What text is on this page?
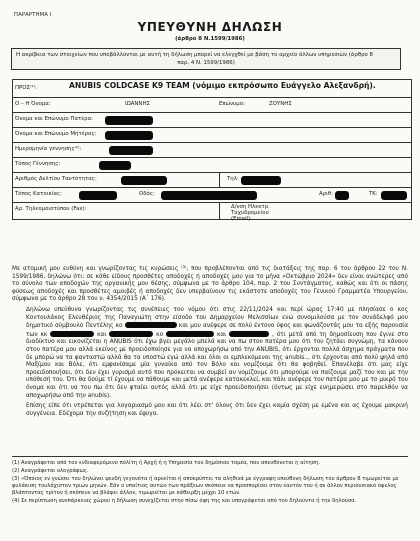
ΠΑΡΑΡΤΗΜΑ Ι
ΥΠΕΥΘΥΝΗ ΔΗΛΩΣΗ
(άρθρο 8 Ν.1599/1986)
Η ακρίβεια των στοιχείων που υποβάλλονται με αυτή τη δήλωση μπορεί να ελεγχθεί με βάση το αρχείο άλλων υπηρεσιών (άρθρο 8
παρ. 4 Ν. 1599/1986)
ΠΡΟΣ⁽¹⁾:	ANUBIS COLDCASE K9 TEAM (νόμιμο εκπρόσωπο Ευάγγελο Αλεξανδρή).
Ο – Η Όνομα:	ΙΩΑΝΝΗΣ	Επώνυμο:	ΖΟΥΝΗΣ
Όνομα και Επώνυμο Πατέρα:
Όνομα και Επώνυμο Μητέρας:
Ημερομηνία γέννησης⁽²⁾:
Τόπος Γέννησης:
Αριθμός Δελτίου Ταυτότητας:	Τηλ:
Τόπος Κατοικίας:	Οδός:	Αριθ:	ΤΚ:
Αρ. Τηλεομοιοτύπου (Fax):	Δ/νση Ηλεκτρ. Ταχυδρομείου (Email):

Με ατομική μου ευθύνη και γνωρίζοντας τις κυρώσεις ⁽³⁾, που προβλέπονται από τις διατάξεις της παρ. 6 του άρθρου 22 του Ν. 1599/1986, δηλώνω ότι: σε κάθε είδους προσθέτες αποδοχές ή αποδοχές μου για το μήνα «Οκτώβριο 2024» δεν είναι ανώτερες από το σύνολο των αποδοχών της οργανικής μου θέσης, σύμφωνα με το άρθρο 104, παρ. 2 του Συντάγματος, καθώς και ότι οι πάσης φύσεως αποδοχές και προσθέτες αμοιβές ή αποδοχές δεν υπερβαίνουν τις εκάστοτε αποδοχές του Γενικού Γραμματέα Υπουργείου, σύμφωνα με το άρθρο 28 του ν. 4354/2015 (Α΄ 176).

Δηλώνω υπεύθυνα γνωρίζοντας τις συνέπειες του νόμου ότι στις 22/11/2024 και περί ώρας 17:40 με πλησίασε ο κος Κοντουλάκος Ελευθέριος της Παναγιώτη στην είσοδο του Δημαρχείου Μελισσίων ενώ συνομιλούσα με τον συνάδελφό μου δημοτικό σύμβουλο Πεντέλης κο	και μου ανέφερε σε πολύ έντονο ύφος και φωνάζοντάς μου τα εξής παρουσία των κκ	και	κο	και	, ότι μετά από τη δημοσίευση που έγινε στο διαδίκτυο και εικονίζεται η ANUBIS ότι έχω βγει μεγάλο μπελά και να πω στον πατέρα μου ότι του ζητάει συγνώμη, τα κάνουν στον πατέρα μου αλλά εκείνος με προειδοποίησε για να αποχωρήσω από την ANUBIS, ότι έρχονται πολλά άσχημα πράγματα που δε μπορώ να τα φανταστώ αλλά θα τα υποστώ εγώ αλλά και όλοι οι εμπλεκόμενοι της anubis.., ότι έρχονται από πολύ ψηλά από Μαξίμου και Βόλε, ότι εμφανίσαμε μία γυναίκα από τον Βόλο και νομίζουμε ότι θα φοβηθεί. Επανέλαβε ότι μας είχε προειδοποιήσει, ότι δεν έχει γυρισμό αυτό που πρόκειται να συμβεί αν νομίζουμε ότι μπορούμε να παίζουμε μαζί του και με την υπόθεσή του. Ότι θα δούμε τί έχουμε να πάθουμε και μετά ανέφερε κατακεκλεί, και πάλι ανέφερε τον πατέρα μου με το μικρό του όνομα και ότι να του πω ότι δεν φταίει αυτός αλλά ότι με είχε προειδοποιήσει (όντως με είχε ενημερώσει στο παρελθόν να αποχωρήσω από την anubis).

Επίσης είπε ότι ντρέπεται για λογαριασμό μου και ότι λέει στ' όλους ότι δεν έχει καμία σχέση με εμένα και ας έχουμε μακρινή συγγένεια. Εδέχομα την συζήτηση και έφυγα.

(1) Αναγράφεται από τον ενδιαφερόμενο πολίτη ή Αρχή ή η Υπηρεσία του δημόσιου τομέα, που απευθύνεται η αίτηση.

(2) Αναγράφεται ολογράφως.

(3) «Όποιος εν γνώσει του δηλώνει ψευδή γεγονότα ή αρνείται ή αποκρύπτει τα αληθινά με έγγραφη υπεύθυνη δήλωση του άρθρου 8 τιμωρείται με φυλάκιση τουλάχιστον τριών μηνών. Εάν ο υπαίτιος αυτών των πράξεων σκόπευε να προσπορίσει στον εαυτόν του ή σε άλλον περιουσιακό όφελος βλάπτοντας τρίτον ή σκόπευε να βλάψει άλλον, τιμωρείται με κάθειρξη μέχρι 10 ετών.

(4) Σε περίπτωση ανεπάρκειας χώρου η δήλωση συνεχίζεται στην πίσω όψη της και υπογράφεται από τον δηλούντα ή την δηλούσα.
